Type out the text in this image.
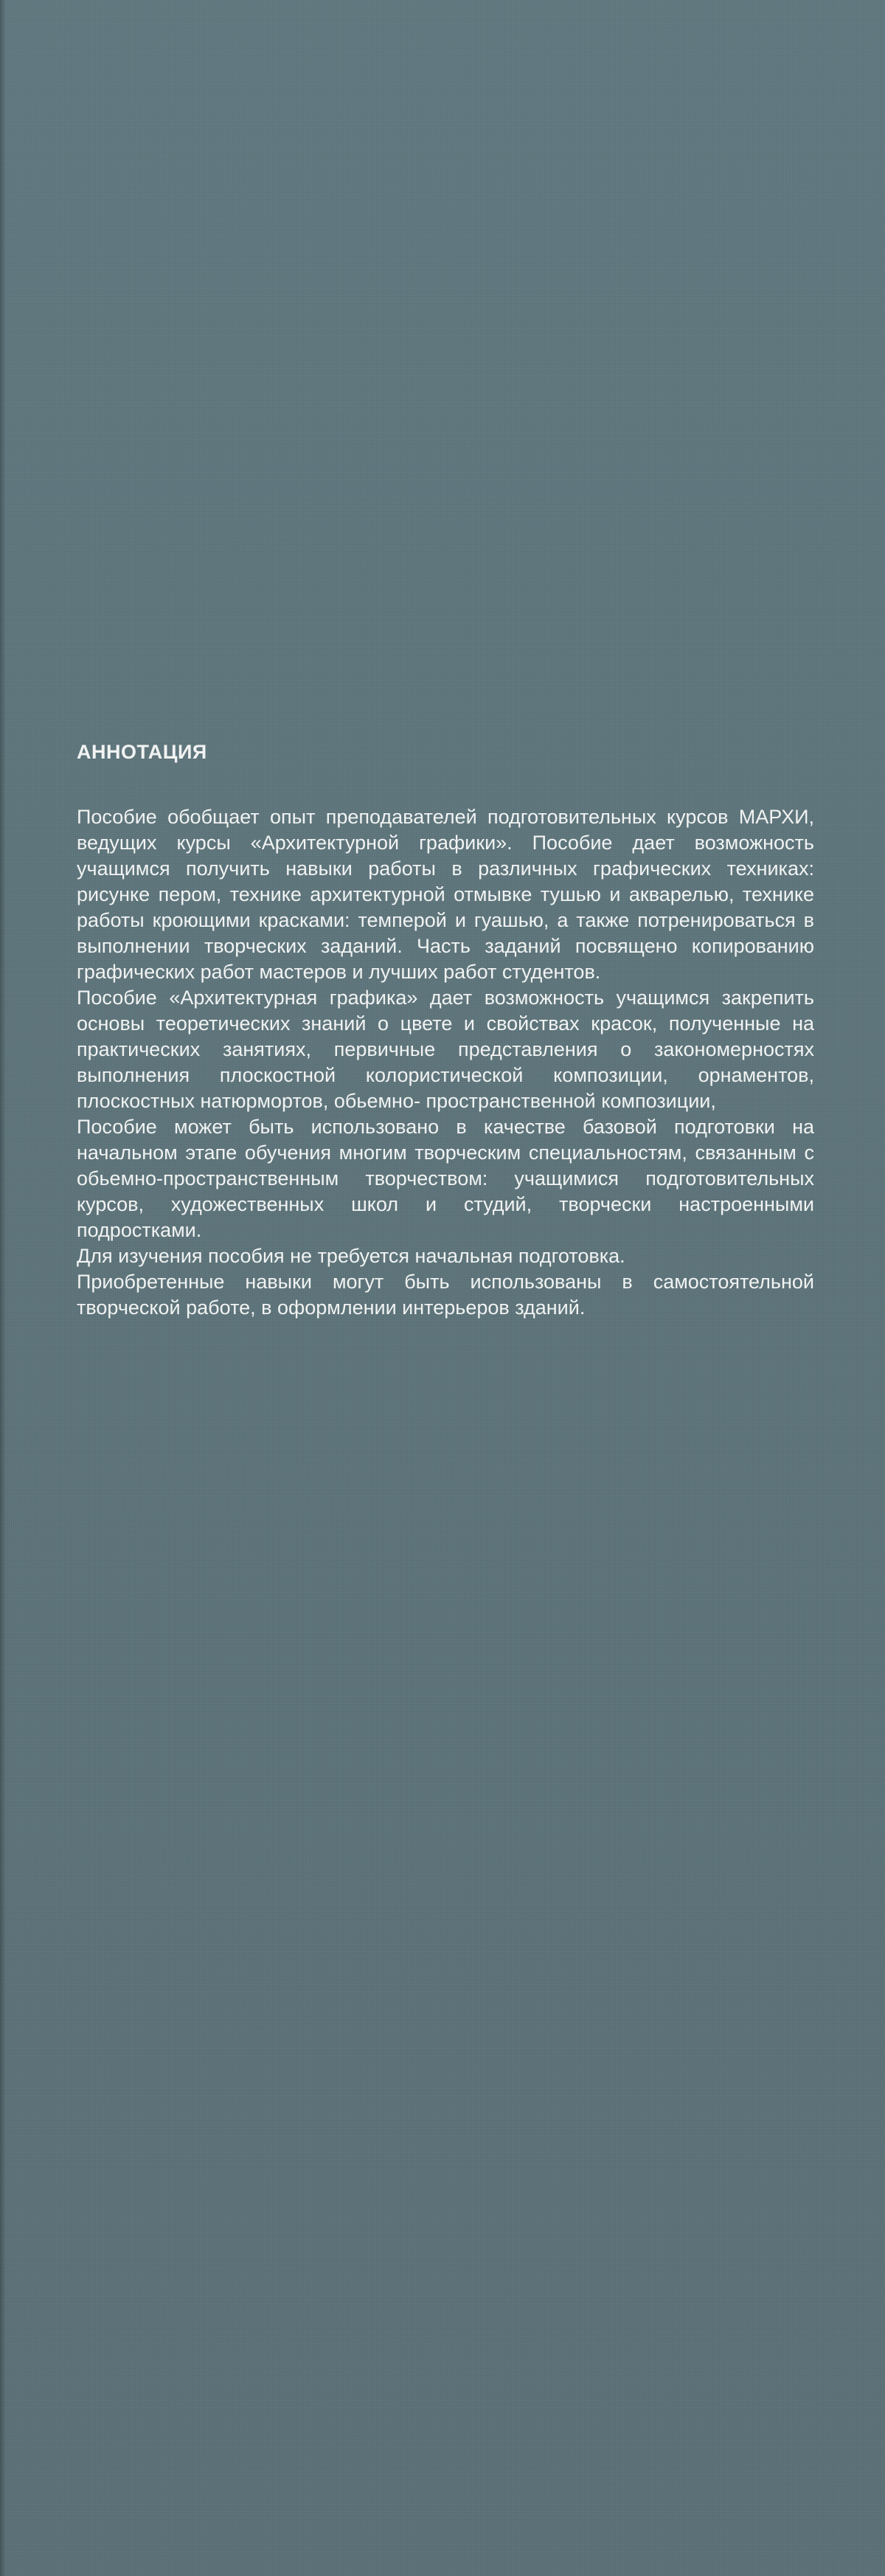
АННОТАЦИЯ

Пособие обобщает опыт преподавателей подготовительных курсов МАРХИ, ведущих курсы «Архитектурной графики». Пособие дает возможность учащимся получить навыки работы в различных графических техниках: рисунке пером, технике архитектурной отмывке тушью и акварелью, технике работы кроющими красками: темперой и гуашью, а также потренироваться в выполнении творческих заданий. Часть заданий посвящено копированию графических работ мастеров и лучших работ студентов.

Пособие «Архитектурная графика» дает возможность учащимся закрепить основы теоретических знаний о цвете и свойствах красок, полученные на практических занятиях, первичные представления о закономерностях выполнения плоскостной колористической композиции, орнаментов, плоскостных натюрмортов, обьемно- пространственной композиции,

Пособие может быть использовано в качестве базовой подготовки на начальном этапе обучения многим творческим специальностям, связанным с обьемно-пространственным творчеством: учащимися подготовительных курсов, художественных школ и студий, творчески настроенными подростками.

Для изучения пособия не требуется начальная подготовка.

Приобретенные навыки могут быть использованы в самостоятельной творческой работе, в оформлении интерьеров зданий.
